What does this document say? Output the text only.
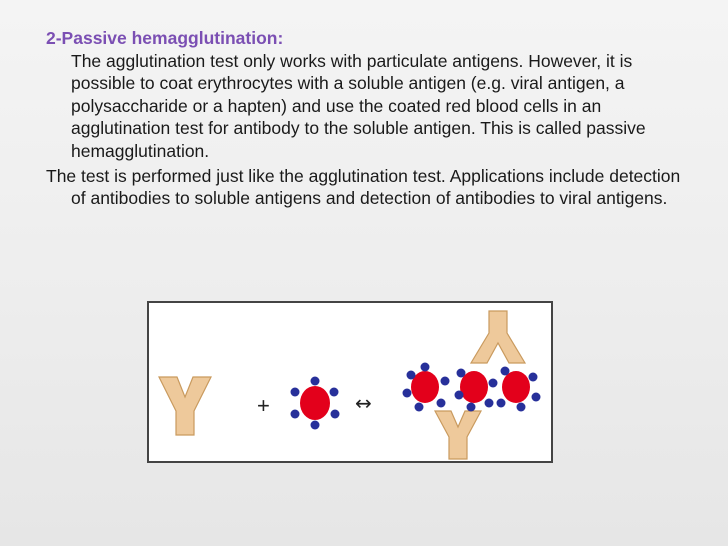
2-Passive hemagglutination:

The agglutination test only works with particulate antigens. However, it is possible to coat erythrocytes with a soluble antigen (e.g. viral antigen, a polysaccharide or a hapten) and use the coated red blood cells in an agglutination test for antibody to the soluble antigen. This is called passive hemagglutination.

The test is performed just like the agglutination test. Applications include detection of antibodies to soluble antigens and detection of antibodies to viral antigens.

+	↔
